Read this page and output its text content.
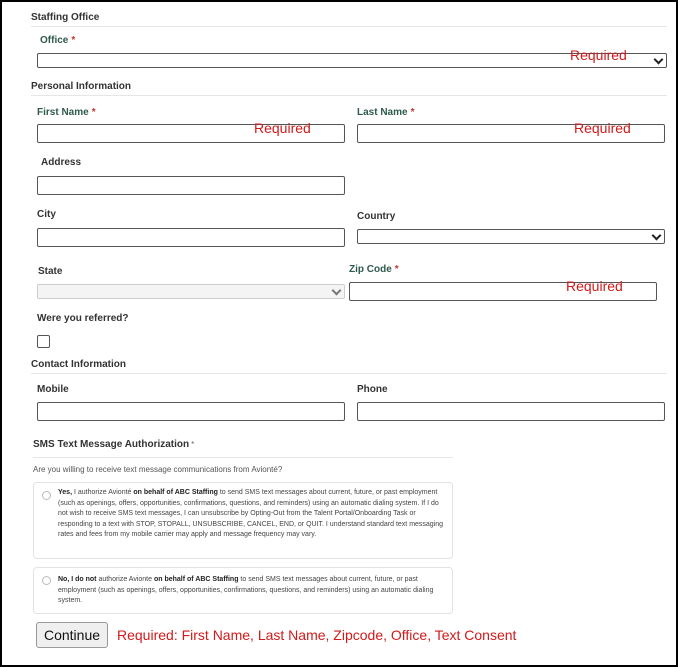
Staffing Office
Office *
Required
Personal Information
First Name *
Required
Last Name *
Required
Address
City	Country
State	Zip Code *
Required
Were you referred?
Contact Information
Mobile	Phone
SMS Text Message Authorization *
Are you willing to receive text message communications from Avionté?
Yes, I authorize Avionté on behalf of ABC Staffing to send SMS text messages about current, future, or past employment (such as openings, offers, opportunities, confirmations, questions, and reminders) using an automatic dialing system. If I do not wish to receive SMS text messages, I can unsubscribe by Opting-Out from the Talent Portal/Onboarding Task or responding to a text with STOP, STOPALL, UNSUBSCRIBE, CANCEL, END, or QUIT. I understand standard text messaging rates and fees from my mobile carrier may apply and message frequency may vary.
No, I do not authorize Avionte on behalf of ABC Staffing to send SMS text messages about current, future, or past employment (such as openings, offers, opportunities, confirmations, questions, and reminders) using an automatic dialing system.
Continue	Required: First Name, Last Name, Zipcode, Office, Text Consent
